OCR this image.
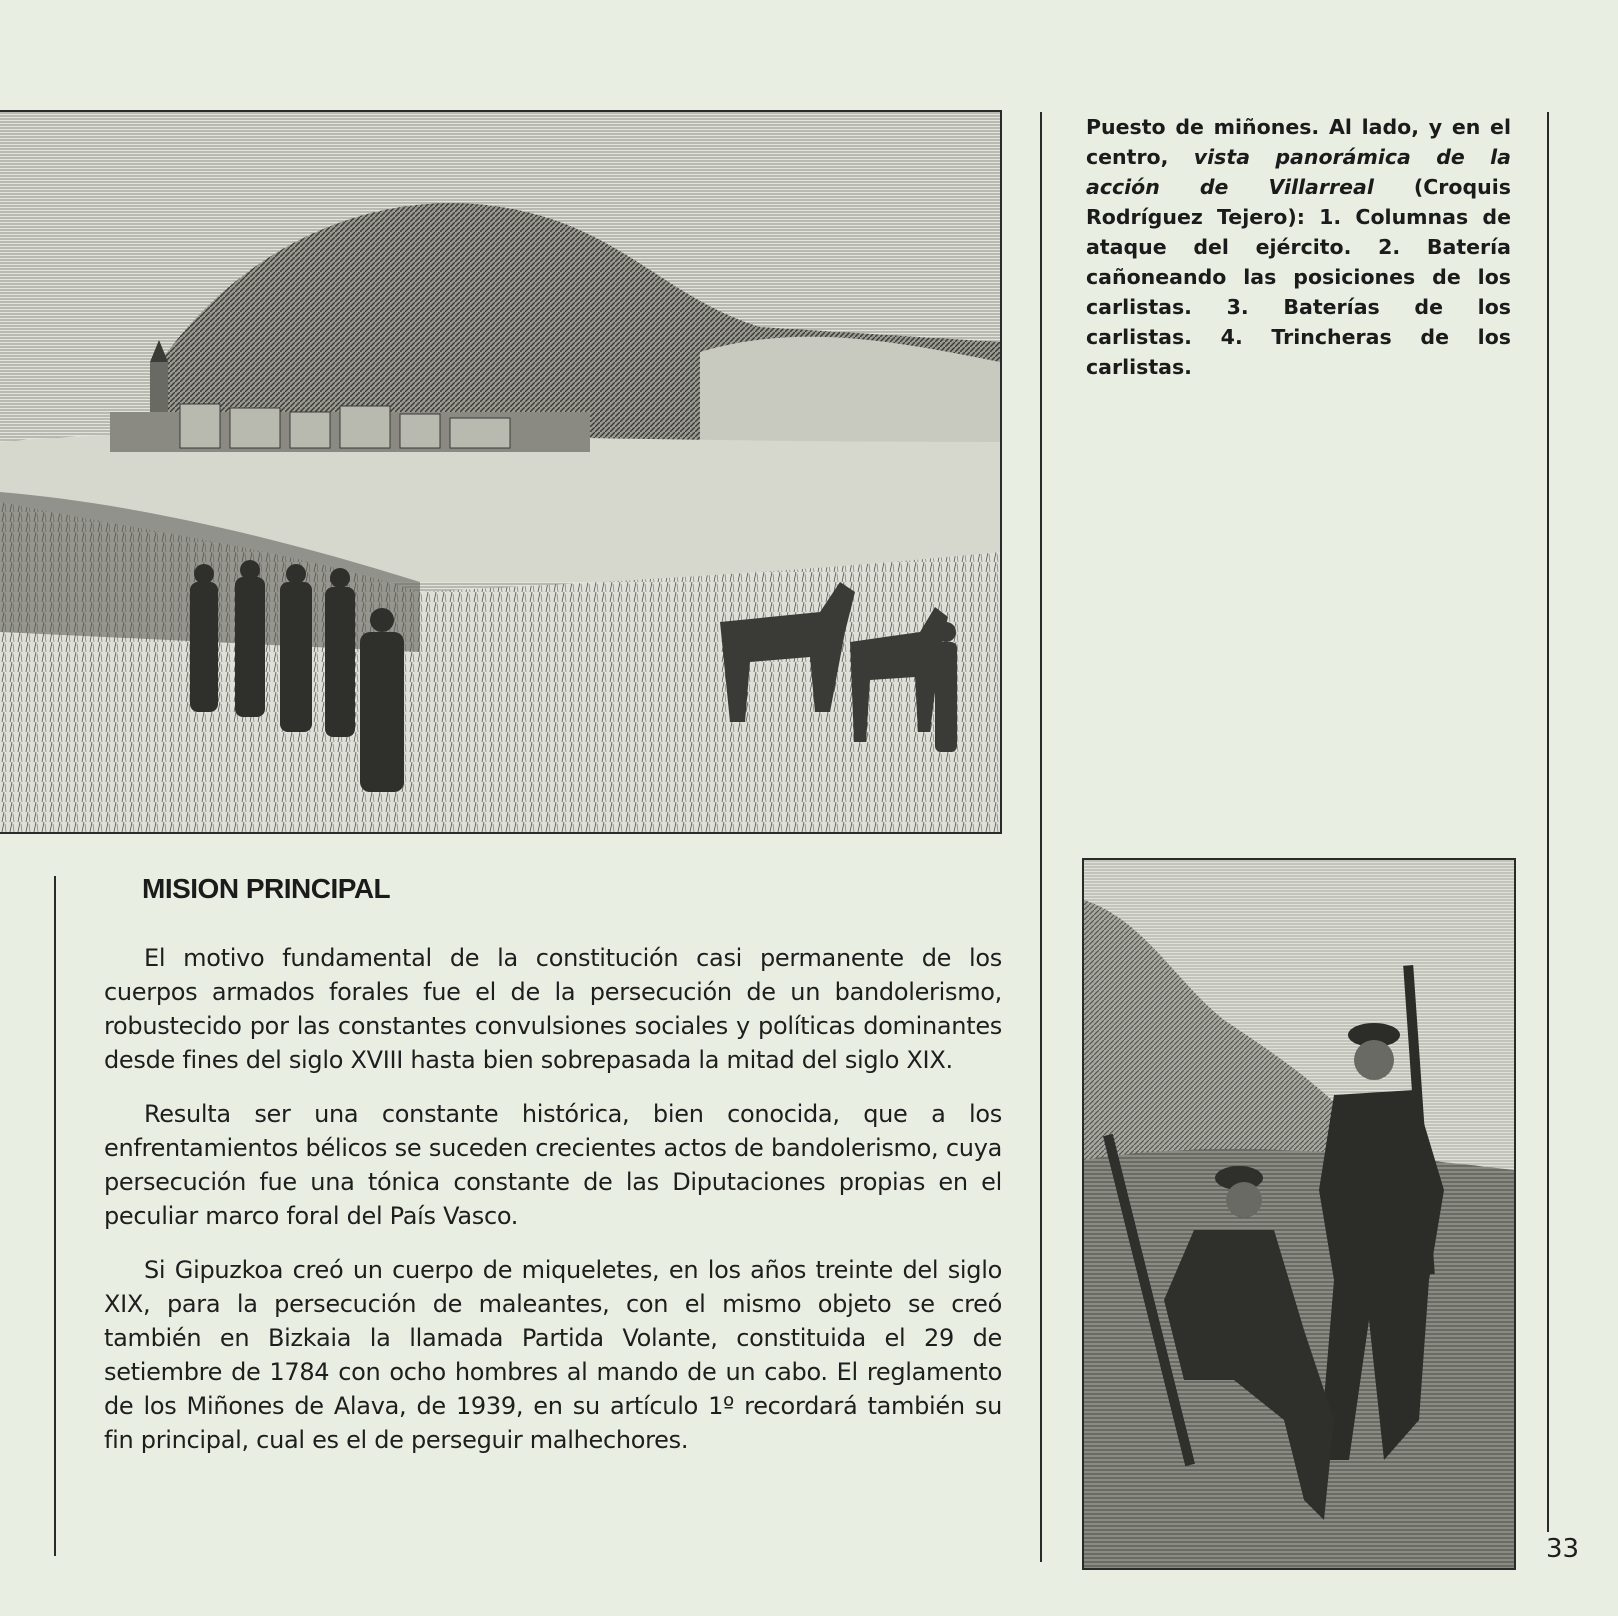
Puesto de miñones. Al lado, y en el centro, vista panorámica de la acción de Villarreal (Croquis Rodríguez Tejero): 1. Columnas de ataque del ejército. 2. Batería cañoneando las posiciones de los carlistas. 3. Baterías de los carlistas. 4. Trincheras de los carlistas.
MISION PRINCIPAL

El motivo fundamental de la constitución casi permanente de los cuerpos armados forales fue el de la persecución de un bandolerismo, robustecido por las constantes convulsiones sociales y políticas dominantes desde fines del siglo XVIII hasta bien sobrepasada la mitad del siglo XIX.

Resulta ser una constante histórica, bien conocida, que a los enfrentamientos bélicos se suceden crecientes actos de bandolerismo, cuya persecución fue una tónica constante de las Diputaciones propias en el peculiar marco foral del País Vasco.

Si Gipuzkoa creó un cuerpo de miqueletes, en los años treinte del siglo XIX, para la persecución de maleantes, con el mismo objeto se creó también en Bizkaia la llamada Partida Volante, constituida el 29 de setiembre de 1784 con ocho hombres al mando de un cabo. El reglamento de los Miñones de Alava, de 1939, en su artículo 1º recordará también su fin principal, cual es el de perseguir malhechores.

33
